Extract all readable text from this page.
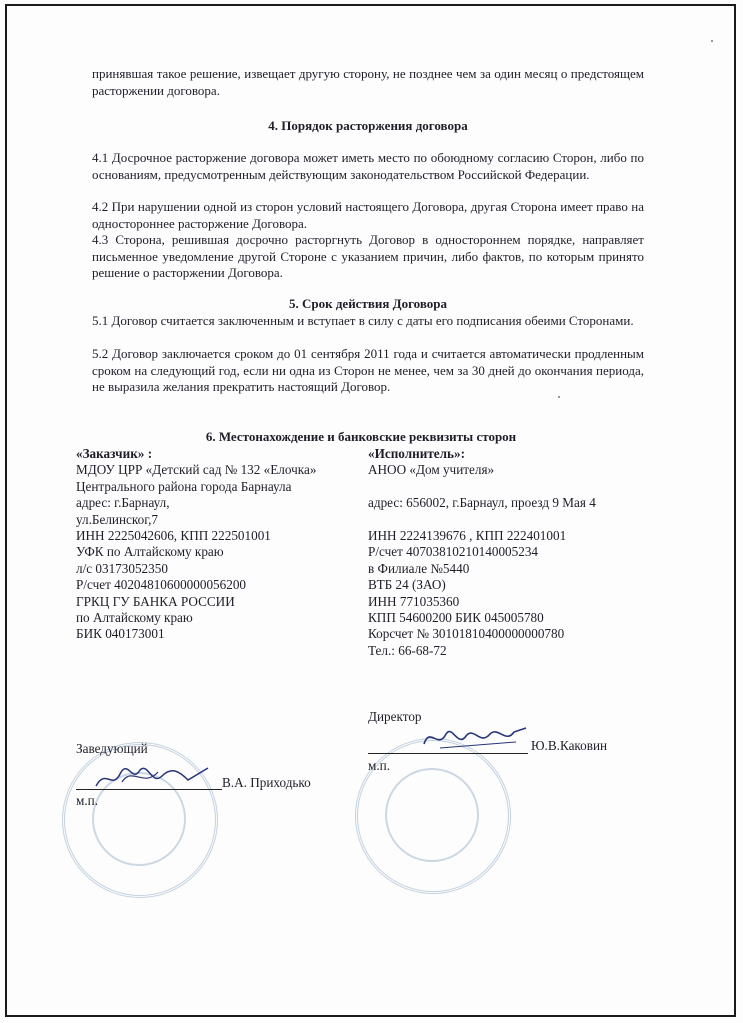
принявшая такое решение, извещает другую сторону, не позднее чем за один месяц о предстоящем расторжении договора.
4. Порядок расторжения договора
4.1 Досрочное расторжение договора может иметь место по обоюдному согласию Сторон, либо по основаниям, предусмотренным действующим законодательством Российской Федерации.
4.2 При нарушении одной из сторон условий настоящего Договора, другая Сторона имеет право на одностороннее расторжение Договора.
4.3 Сторона, решившая досрочно расторгнуть Договор в одностороннем порядке, направляет письменное уведомление другой Стороне с указанием причин, либо фактов, по которым принято решение о расторжении Договора.
5. Срок действия Договора
5.1 Договор считается заключенным и вступает в силу с даты его подписания обеими Сторонами.
5.2 Договор заключается сроком до 01 сентября 2011 года и считается автоматически продленным сроком на следующий год, если ни одна из Сторон не менее, чем за 30 дней до окончания периода, не выразила желания прекратить настоящий Договор.
6. Местонахождение и банковские реквизиты сторон
«Заказчик» :
МДОУ ЦРР «Детский сад № 132 «Елочка»
Центрального района города Барнаула
адрес: г.Барнаул,
ул.Белинског,7
ИНН 2225042606, КПП 222501001
УФК по Алтайскому краю
л/с 03173052350
Р/счет 40204810600000056200
ГРКЦ ГУ БАНКА РОССИИ
по Алтайскому краю
БИК 040173001
«Исполнитель»:
АНОО «Дом учителя»
адрес: 656002, г.Барнаул, проезд 9 Мая 4
ИНН 2224139676 , КПП 222401001
Р/счет 40703810210140005234
в Филиале №5440
ВТБ 24 (ЗАО)
ИНН 771035360
КПП 54600200 БИК 045005780
Корсчет № 30101810400000000780
Тел.: 66-68-72
Заведующий
В.А. Приходько
м.п.
Директор
Ю.В.Каковин
м.п.
